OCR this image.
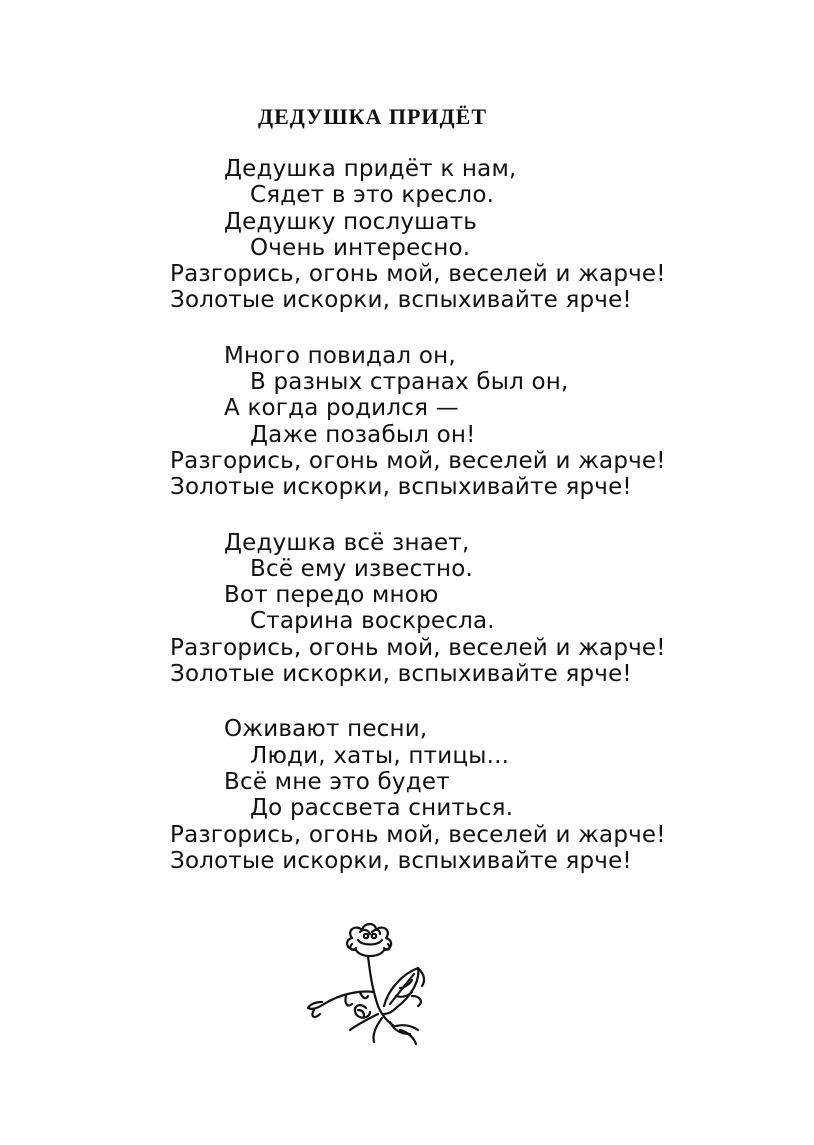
ДЕДУШКА ПРИДЁТ
Дедушка придёт к нам,
Сядет в это кресло.
Дедушку послушать
Очень интересно.
Разгорись, огонь мой, веселей и жарче!
Золотые искорки, вспыхивайте ярче!
Много повидал он,
В разных странах был он,
А когда родился —
Даже позабыл он!
Разгорись, огонь мой, веселей и жарче!
Золотые искорки, вспыхивайте ярче!
Дедушка всё знает,
Всё ему известно.
Вот передо мною
Старина воскресла.
Разгорись, огонь мой, веселей и жарче!
Золотые искорки, вспыхивайте ярче!
Оживают песни,
Люди, хаты, птицы...
Всё мне это будет
До рассвета сниться.
Разгорись, огонь мой, веселей и жарче!
Золотые искорки, вспыхивайте ярче!
